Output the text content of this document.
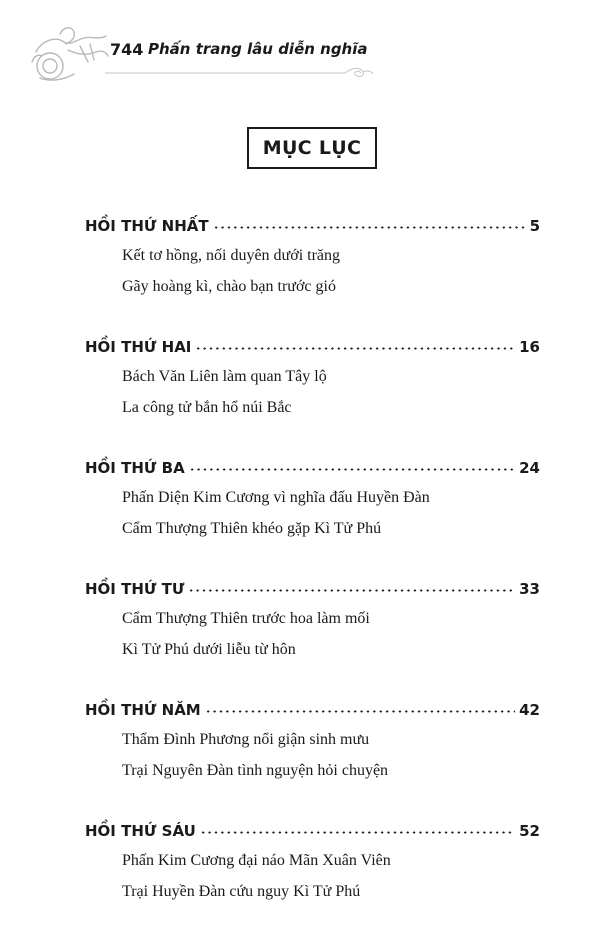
744 Phấn trang lâu diễn nghĩa
MỤC LỤC
HỒI THỨ NHẤT	5
Kết tơ hồng, nối duyên dưới trăng
Gãy hoàng kì, chào bạn trước gió
HỒI THỨ HAI	16
Bách Văn Liên làm quan Tây lộ
La công tử bắn hổ núi Bắc
HỒI THỨ BA	24
Phấn Diện Kim Cương vì nghĩa đấu Huyền Đàn
Cẩm Thượng Thiên khéo gặp Kì Tử Phú
HỒI THỨ TƯ	33
Cẩm Thượng Thiên trước hoa làm mối
Kì Tử Phú dưới liễu từ hôn
HỒI THỨ NĂM	42
Thẩm Đình Phương nổi giận sinh mưu
Trại Nguyên Đàn tình nguyện hỏi chuyện
HỒI THỨ SÁU	52
Phấn Kim Cương đại náo Mãn Xuân Viên
Trại Huyền Đàn cứu nguy Kì Tử Phú
